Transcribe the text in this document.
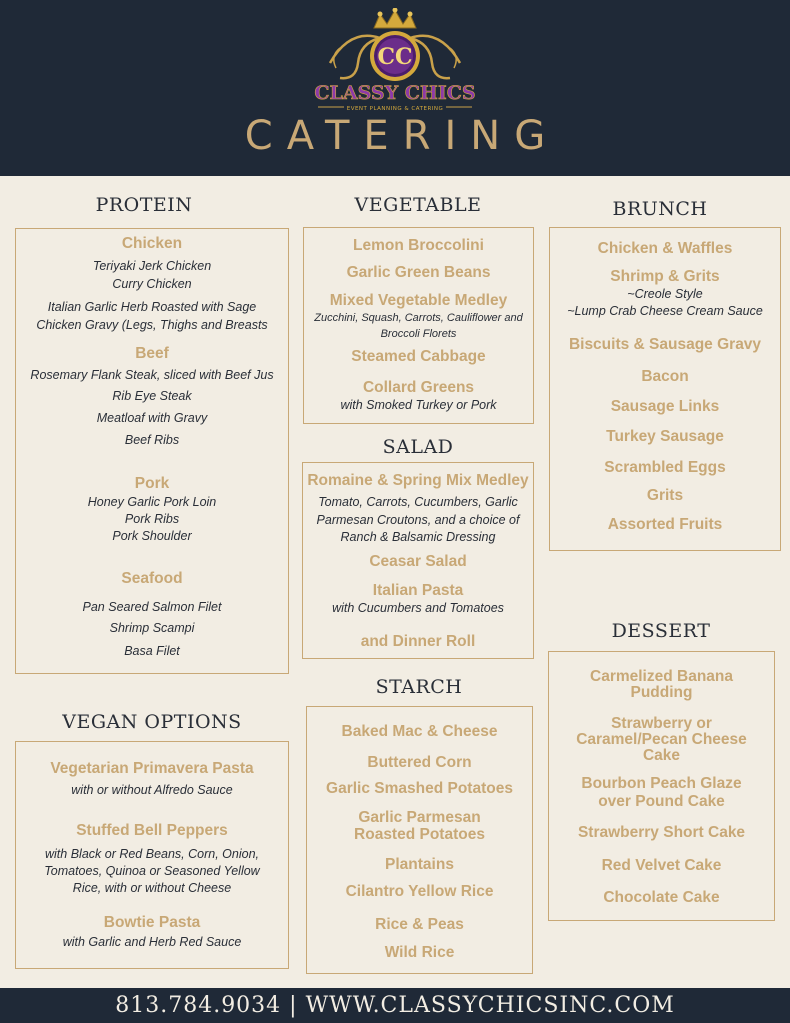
CC
CLASSY CHICS
EVENT PLANNING & CATERING
CATERING
PROTEIN	VEGETABLE	BRUNCH
SALAD
DESSERT
STARCH
VEGAN OPTIONS
Chicken
Teriyaki Jerk Chicken
Curry Chicken
Italian Garlic Herb Roasted with Sage
Chicken Gravy (Legs, Thighs and Breasts
Beef
Rosemary Flank Steak, sliced with Beef Jus
Rib Eye Steak
Meatloaf with Gravy
Beef Ribs
Pork
Honey Garlic Pork Loin
Pork Ribs
Pork Shoulder
Seafood
Pan Seared Salmon Filet
Shrimp Scampi
Basa Filet
Lemon Broccolini
Garlic Green Beans
Mixed Vegetable Medley
Zucchini, Squash, Carrots, Cauliflower and
Broccoli Florets
Steamed Cabbage
Collard Greens
with Smoked Turkey or Pork
Romaine & Spring Mix Medley
Tomato, Carrots, Cucumbers, Garlic
Parmesan Croutons, and a choice of
Ranch & Balsamic Dressing
Ceasar Salad
Italian Pasta
with Cucumbers and Tomatoes
and Dinner Roll
Chicken & Waffles
Shrimp & Grits
~Creole Style
~Lump Crab Cheese Cream Sauce
Biscuits & Sausage Gravy
Bacon
Sausage Links
Turkey Sausage
Scrambled Eggs
Grits
Assorted Fruits
Carmelized Banana
Pudding
Strawberry or
Caramel/Pecan Cheese
Cake
Bourbon Peach Glaze
over Pound Cake
Strawberry Short Cake
Red Velvet Cake
Chocolate Cake
Baked Mac & Cheese
Buttered Corn
Garlic Smashed Potatoes
Garlic Parmesan
Roasted Potatoes
Plantains
Cilantro Yellow Rice
Rice & Peas
Wild Rice
Vegetarian Primavera Pasta
with or without Alfredo Sauce
Stuffed Bell Peppers
with Black or Red Beans, Corn, Onion,
Tomatoes, Quinoa or Seasoned Yellow
Rice, with or without Cheese
Bowtie Pasta
with Garlic and Herb Red Sauce
813.784.9034 | WWW.CLASSYCHICSINC.COM
